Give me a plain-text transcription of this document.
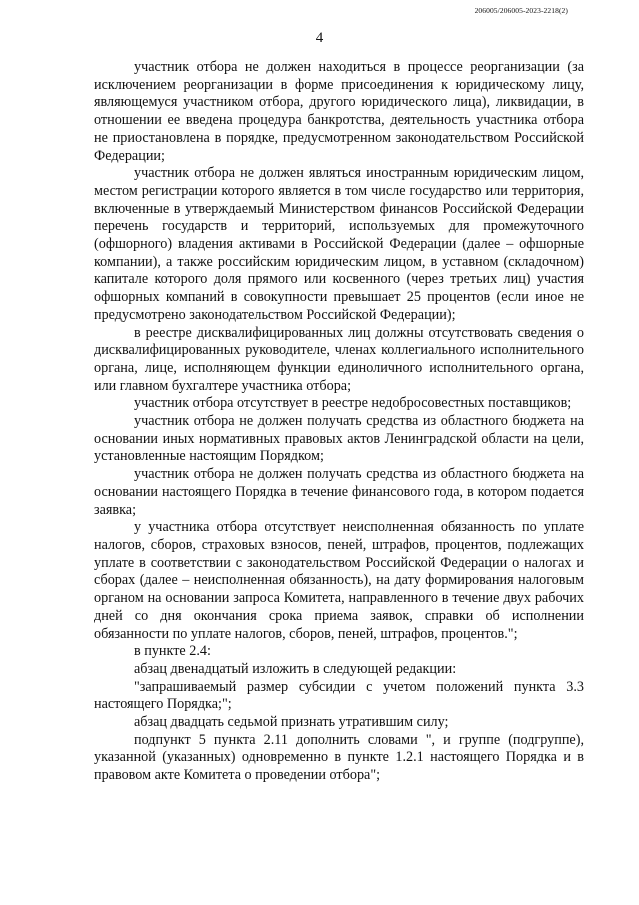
206005/206005-2023-2218(2)
4

участник отбора не должен находиться в процессе реорганизации (за исключением реорганизации в форме присоединения к юридическому лицу, являющемуся участником отбора, другого юридического лица), ликвидации, в отношении ее введена процедура банкротства, деятельность участника отбора не приостановлена в порядке, предусмотренном законодательством Российской Федерации;

участник отбора не должен являться иностранным юридическим лицом, местом регистрации которого является в том числе государство или территория, включенные в утверждаемый Министерством финансов Российской Федерации перечень государств и территорий, используемых для промежуточного (офшорного) владения активами в Российской Федерации (далее – офшорные компании), а также российским юридическим лицом, в уставном (складочном) капитале которого доля прямого или косвенного (через третьих лиц) участия офшорных компаний в совокупности превышает 25 процентов (если иное не предусмотрено законодательством Российской Федерации);

в реестре дисквалифицированных лиц должны отсутствовать сведения о дисквалифицированных руководителе, членах коллегиального исполнительного органа, лице, исполняющем функции единоличного исполнительного органа, или главном бухгалтере участника отбора;

участник отбора отсутствует в реестре недобросовестных поставщиков;

участник отбора не должен получать средства из областного бюджета на основании иных нормативных правовых актов Ленинградской области на цели, установленные настоящим Порядком;

участник отбора не должен получать средства из областного бюджета на основании настоящего Порядка в течение финансового года, в котором подается заявка;

у участника отбора отсутствует неисполненная обязанность по уплате налогов, сборов, страховых взносов, пеней, штрафов, процентов, подлежащих уплате в соответствии с законодательством Российской Федерации о налогах и сборах (далее – неисполненная обязанность), на дату формирования налоговым органом на основании запроса Комитета, направленного в течение двух рабочих дней со дня окончания срока приема заявок, справки об исполнении обязанности по уплате налогов, сборов, пеней, штрафов, процентов.";

в пункте 2.4:

абзац двенадцатый изложить в следующей редакции:

"запрашиваемый размер субсидии с учетом положений пункта 3.3 настоящего Порядка;";

абзац двадцать седьмой признать утратившим силу;

подпункт 5 пункта 2.11 дополнить словами ", и группе (подгруппе), указанной (указанных) одновременно в пункте 1.2.1 настоящего Порядка и в правовом акте Комитета о проведении отбора";
